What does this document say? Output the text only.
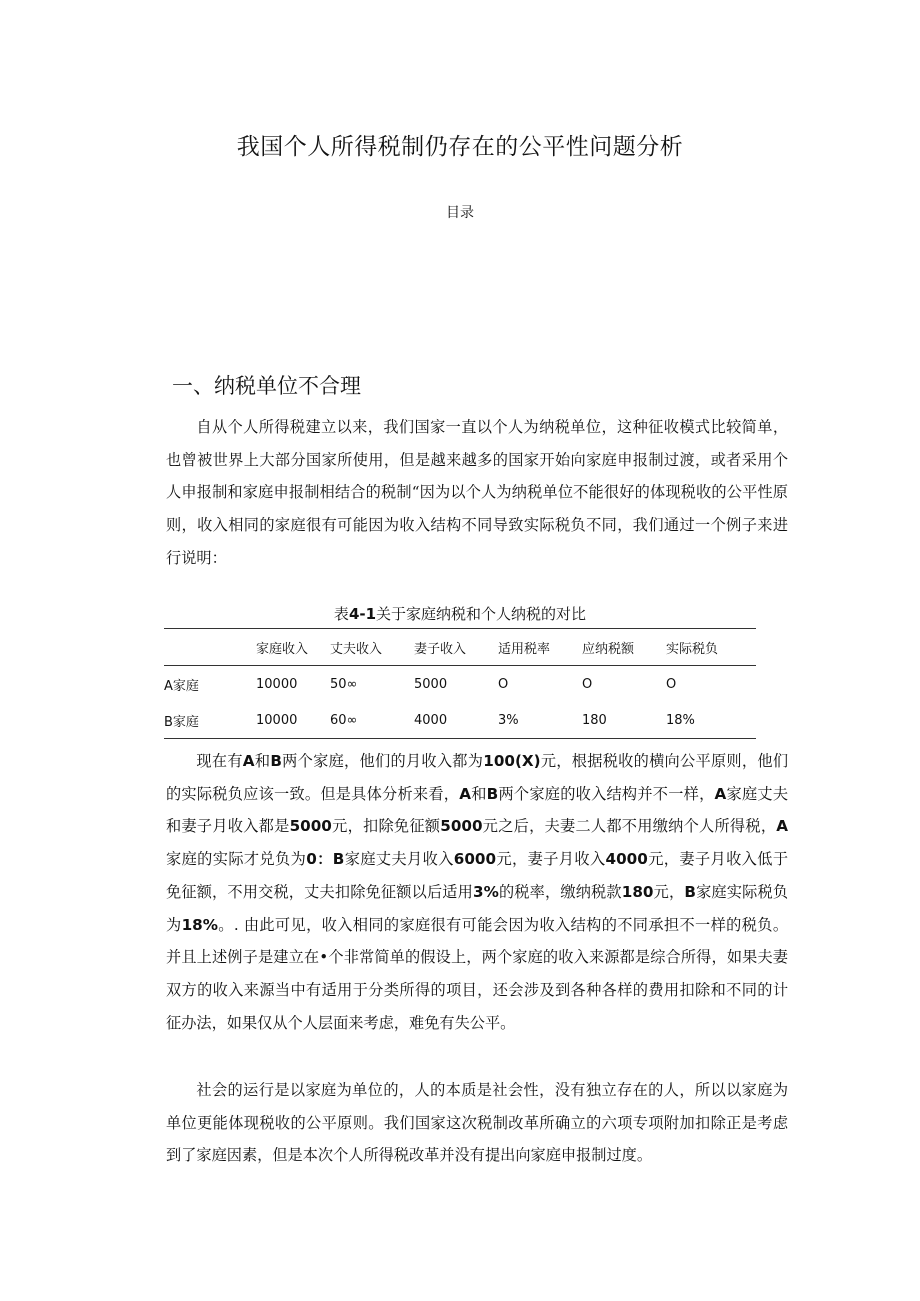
我国个人所得税制仍存在的公平性问题分析
目录
一、纳税单位不合理

自从个人所得税建立以来，我们国家一直以个人为纳税单位，这种征收模式比较简单，也曾被世界上大部分国家所使用，但是越来越多的国家开始向家庭申报制过渡，或者采用个人申报制和家庭申报制相结合的税制“因为以个人为纳税单位不能很好的体现税收的公平性原则，收入相同的家庭很有可能因为收入结构不同导致实际税负不同，我们通过一个例子来进行说明：

表4-1关于家庭纳税和个人纳税的对比
	家庭收入	丈夫收入	妻子收入	适用税率	应纳税额	实际税负
A家庭	10000	50∞	5000	O	O	O
B家庭	10000	60∞	4000	3%	180	18%

现在有A和B两个家庭，他们的月收入都为100(X)元，根据税收的横向公平原则，他们的实际税负应该一致。但是具体分析来看，A和B两个家庭的收入结构并不一样，A家庭丈夫和妻子月收入都是5000元，扣除免征额5000元之后，夫妻二人都不用缴纳个人所得税，A家庭的实际才兑负为0：B家庭丈夫月收入6000元，妻子月收入4000元，妻子月收入低于免征额，不用交税，丈夫扣除免征额以后适用3%的税率，缴纳税款180元，B家庭实际税负为18%。. 由此可见，收入相同的家庭很有可能会因为收入结构的不同承担不一样的税负。并且上述例子是建立在•个非常简单的假设上，两个家庭的收入来源都是综合所得，如果夫妻双方的收入来源当中有适用于分类所得的项目，还会涉及到各种各样的费用扣除和不同的计征办法，如果仅从个人层面来考虑，难免有失公平。

社会的运行是以家庭为单位的，人的本质是社会性，没有独立存在的人，所以以家庭为单位更能体现税收的公平原则。我们国家这次税制改革所确立的六项专项附加扣除正是考虑到了家庭因素，但是本次个人所得税改革并没有提出向家庭申报制过度。
